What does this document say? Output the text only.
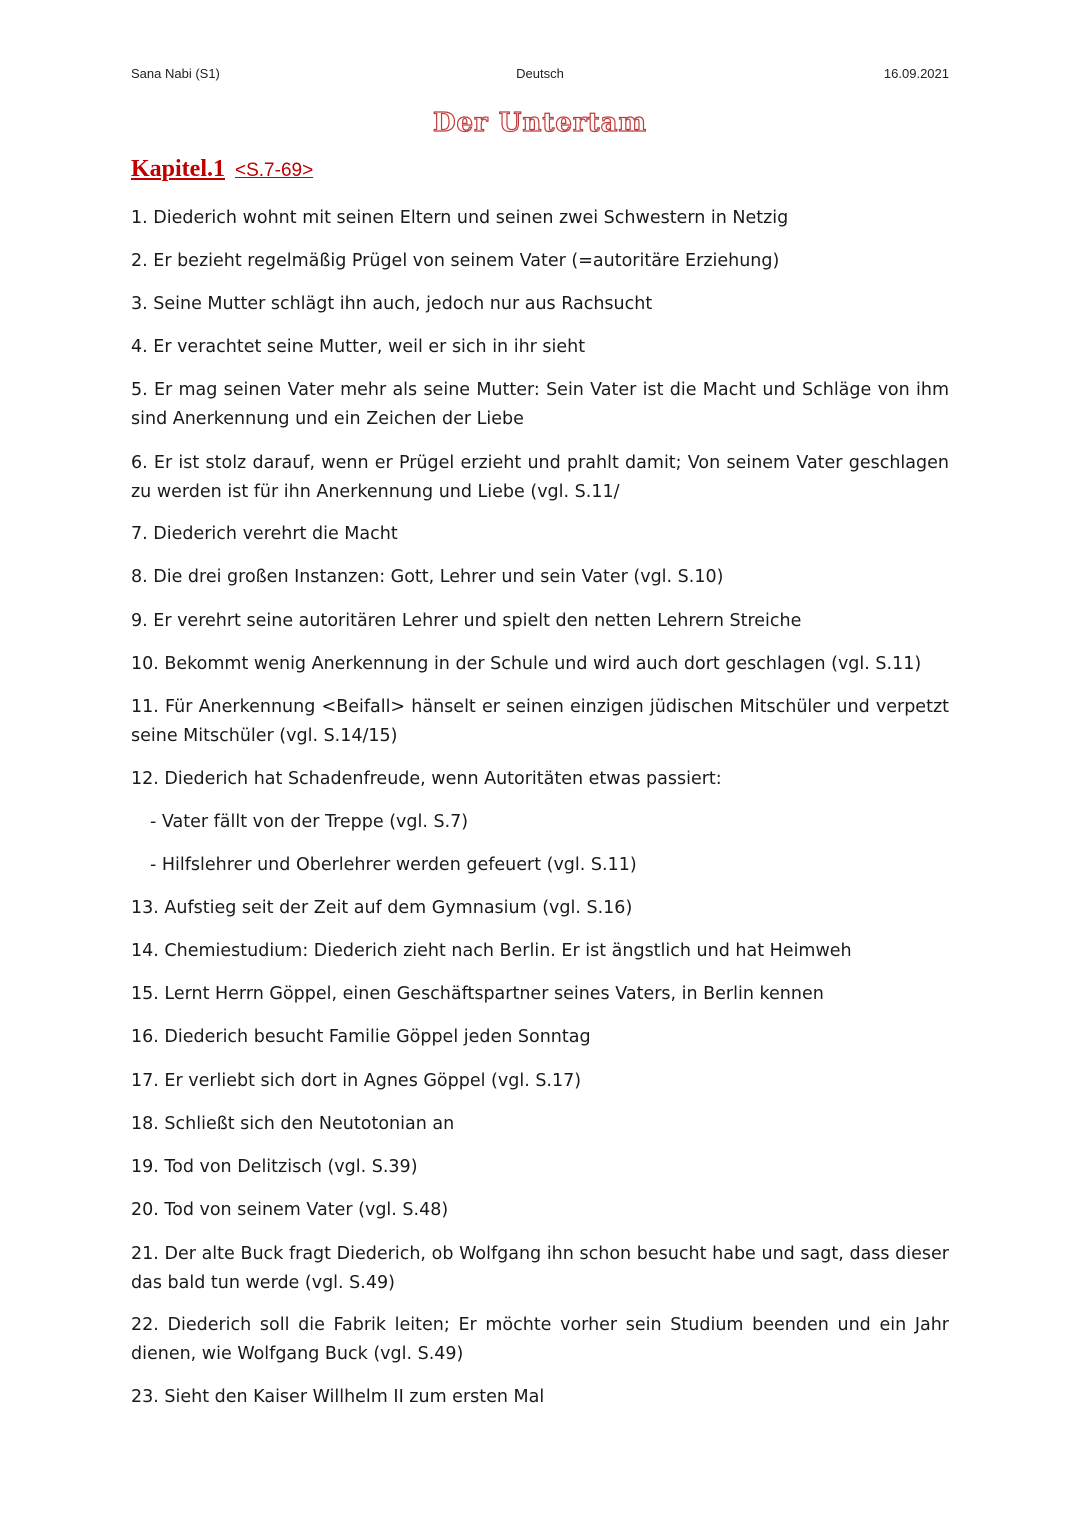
Sana Nabi (S1)	Deutsch	16.09.2021
Der Untertam
Kapitel.1 <S.7-69>

1. Diederich wohnt mit seinen Eltern und seinen zwei Schwestern in Netzig

2. Er bezieht regelmäßig Prügel von seinem Vater (=autoritäre Erziehung)

3. Seine Mutter schlägt ihn auch, jedoch nur aus Rachsucht

4. Er verachtet seine Mutter, weil er sich in ihr sieht

5. Er mag seinen Vater mehr als seine Mutter: Sein Vater ist die Macht und Schläge von ihm sind Anerkennung und ein Zeichen der Liebe

6. Er ist stolz darauf, wenn er Prügel erzieht und prahlt damit; Von seinem Vater geschlagen zu werden ist für ihn Anerkennung und Liebe (vgl. S.11/

7. Diederich verehrt die Macht

8. Die drei großen Instanzen: Gott, Lehrer und sein Vater (vgl. S.10)

9. Er verehrt seine autoritären Lehrer und spielt den netten Lehrern Streiche

10. Bekommt wenig Anerkennung in der Schule und wird auch dort geschlagen (vgl. S.11)

11. Für Anerkennung <Beifall> hänselt er seinen einzigen jüdischen Mitschüler und verpetzt seine Mitschüler (vgl. S.14/15)

12. Diederich hat Schadenfreude, wenn Autoritäten etwas passiert:

- Vater fällt von der Treppe (vgl. S.7)

- Hilfslehrer und Oberlehrer werden gefeuert (vgl. S.11)

13. Aufstieg seit der Zeit auf dem Gymnasium (vgl. S.16)

14. Chemiestudium: Diederich zieht nach Berlin. Er ist ängstlich und hat Heimweh

15. Lernt Herrn Göppel, einen Geschäftspartner seines Vaters, in Berlin kennen

16. Diederich besucht Familie Göppel jeden Sonntag

17. Er verliebt sich dort in Agnes Göppel (vgl. S.17)

18. Schließt sich den Neutotonian an

19. Tod von Delitzisch (vgl. S.39)

20. Tod von seinem Vater (vgl. S.48)

21. Der alte Buck fragt Diederich, ob Wolfgang ihn schon besucht habe und sagt, dass dieser das bald tun werde (vgl. S.49)

22. Diederich soll die Fabrik leiten; Er möchte vorher sein Studium beenden und ein Jahr dienen, wie Wolfgang Buck (vgl. S.49)

23. Sieht den Kaiser Willhelm II zum ersten Mal
